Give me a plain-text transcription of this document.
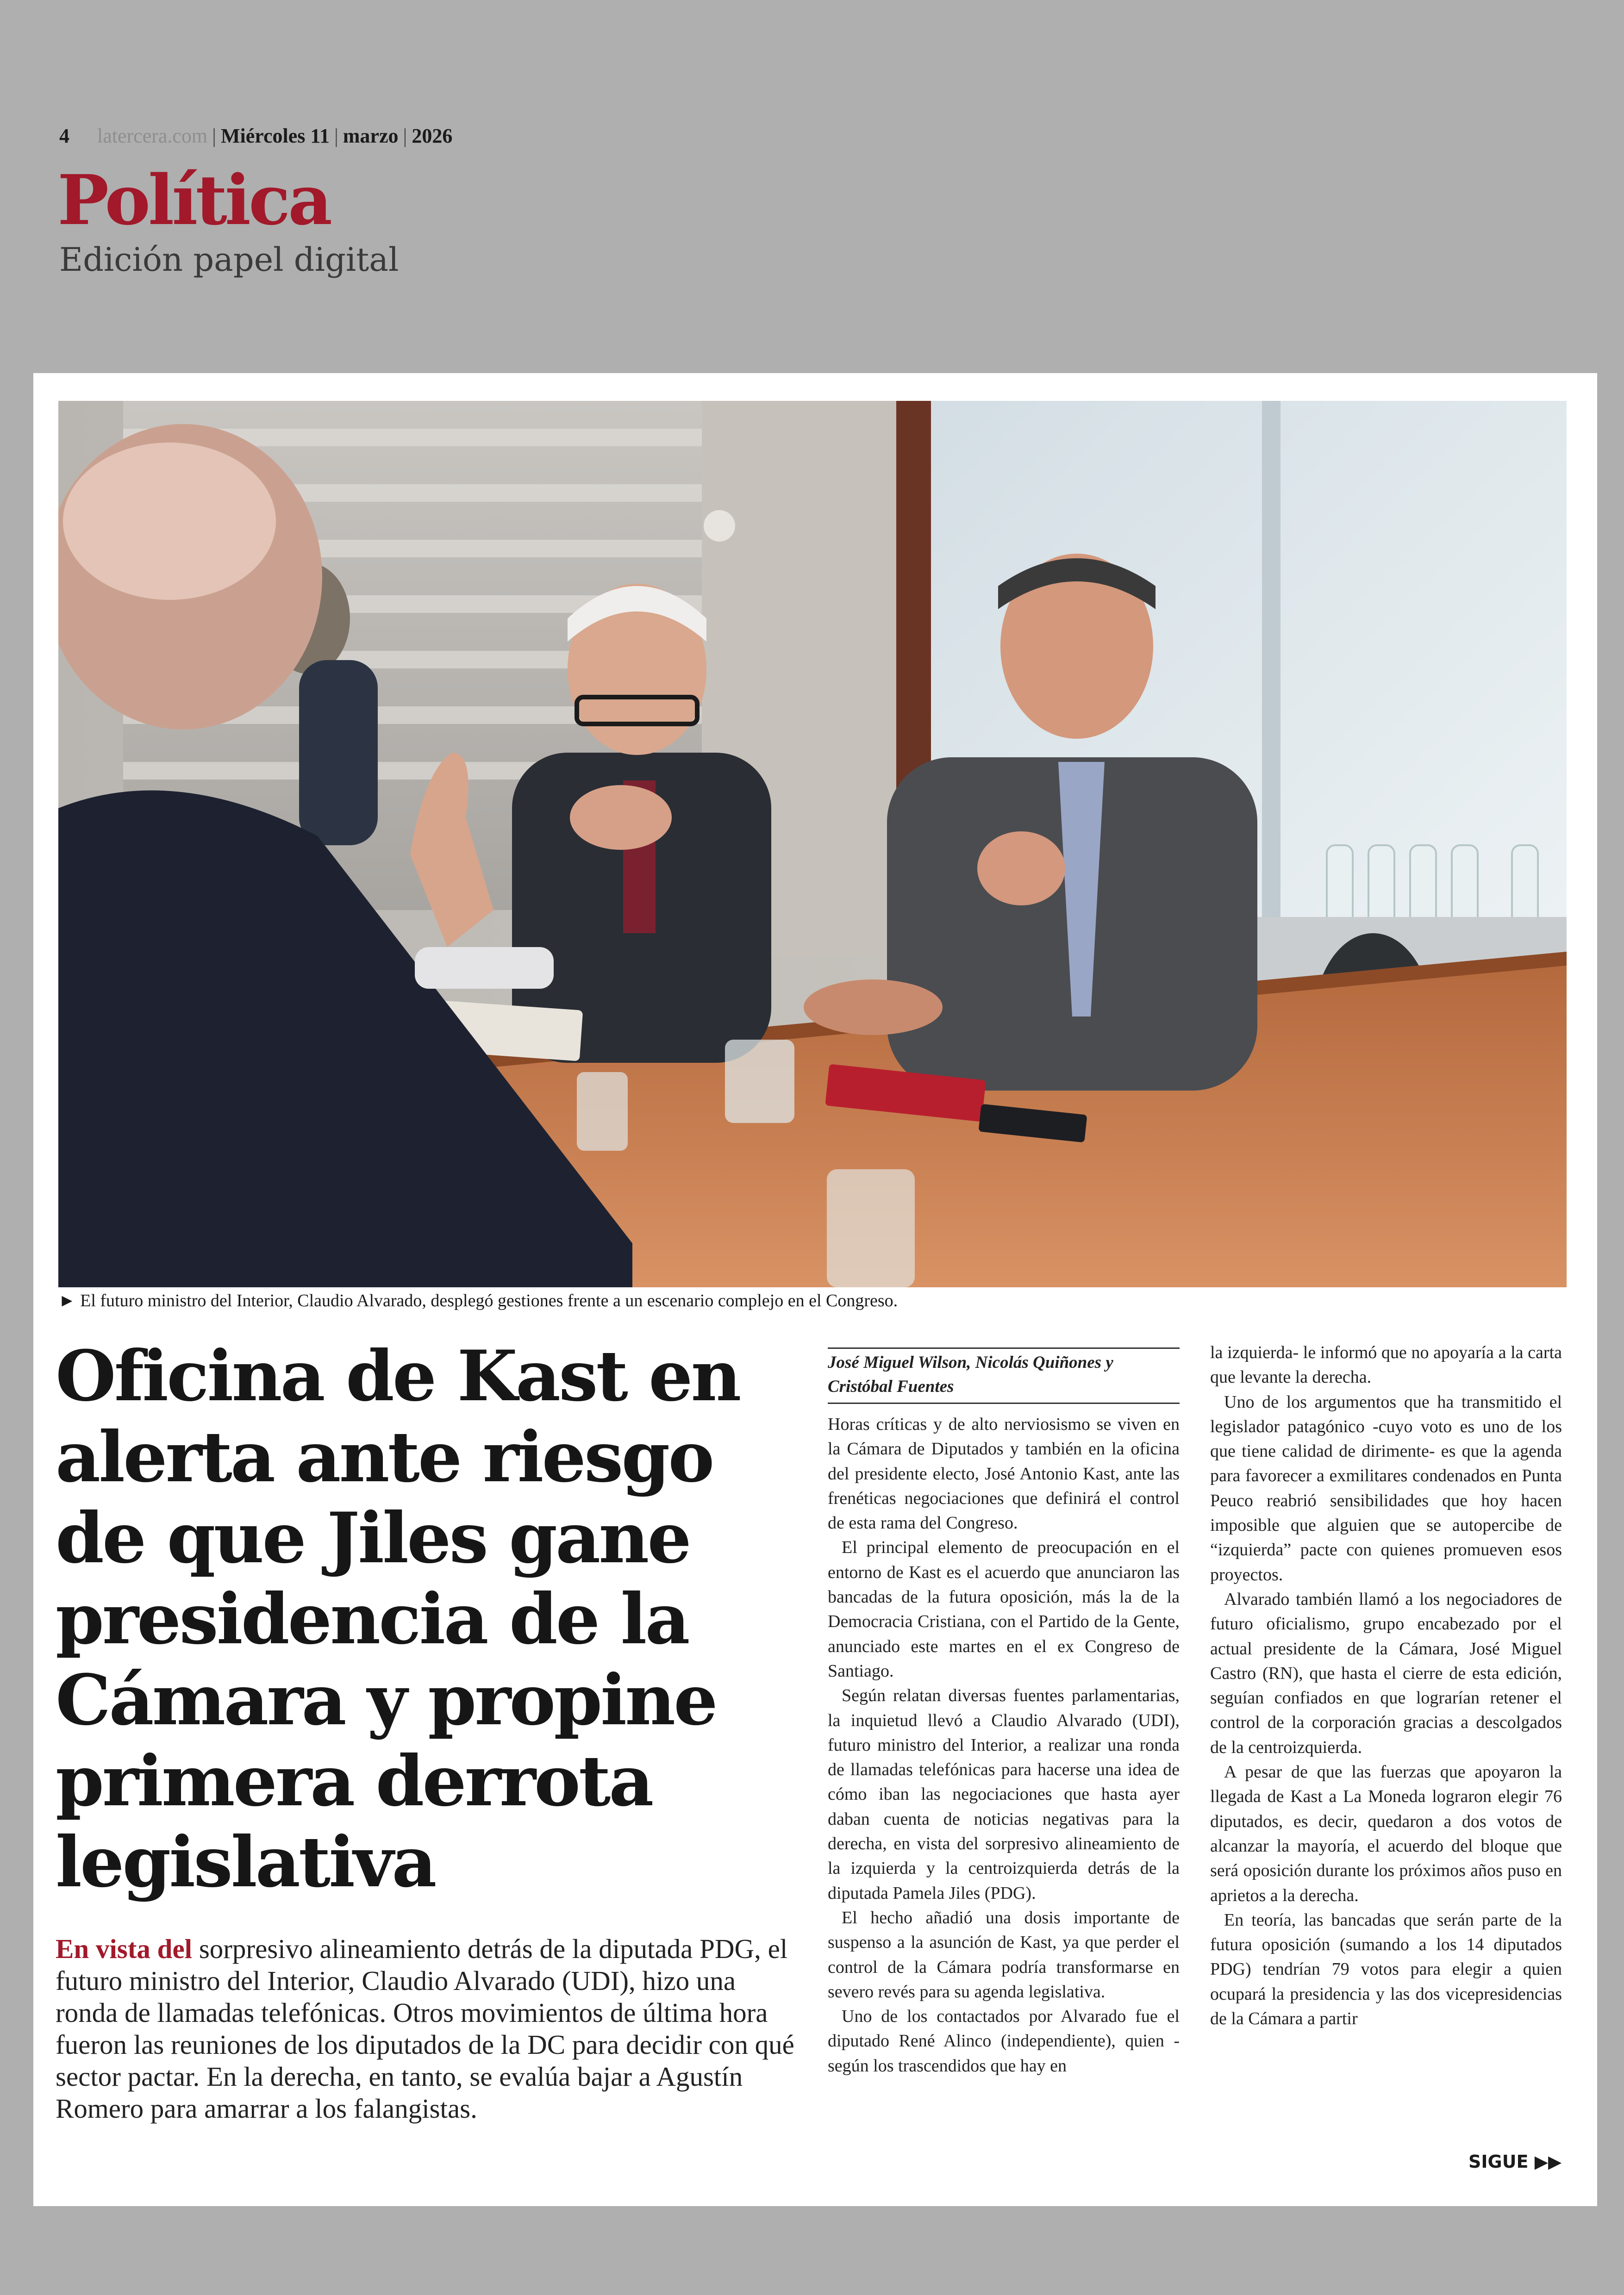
4 latercera.com | Miércoles 11 | marzo | 2026
Política
Edición papel digital
► El futuro ministro del Interior, Claudio Alvarado, desplegó gestiones frente a un escenario complejo en el Congreso.
Oficina de Kast en alerta ante riesgo de que Jiles gane presidencia de la Cámara y propine primera derrota legislativa

En vista del sorpresivo alineamiento detrás de la diputada PDG, el futuro ministro del Interior, Claudio Alvarado (UDI), hizo una ronda de llamadas telefónicas. Otros movimientos de última hora fueron las reuniones de los diputados de la DC para decidir con qué sector pactar. En la derecha, en tanto, se evalúa bajar a Agustín Romero para amarrar a los falangistas.

José Miguel Wilson, Nicolás Quiñones y Cristóbal Fuentes

Horas críticas y de alto nerviosismo se viven en la Cámara de Diputados y también en la oficina del presidente electo, José Antonio Kast, ante las frenéticas negociaciones que definirá el control de esta rama del Congreso.

El principal elemento de preocupación en el entorno de Kast es el acuerdo que anunciaron las bancadas de la futura oposición, más la de la Democracia Cristiana, con el Partido de la Gente, anunciado este martes en el ex Congreso de Santiago.

Según relatan diversas fuentes parlamentarias, la inquietud llevó a Claudio Alvarado (UDI), futuro ministro del Interior, a realizar una ronda de llamadas telefónicas para hacerse una idea de cómo iban las negociaciones que hasta ayer daban cuenta de noticias negativas para la derecha, en vista del sorpresivo alineamiento de la izquierda y la centroizquierda detrás de la diputada Pamela Jiles (PDG).

El hecho añadió una dosis importante de suspenso a la asunción de Kast, ya que perder el control de la Cámara podría transformarse en severo revés para su agenda legislativa.

Uno de los contactados por Alvarado fue el diputado René Alinco (independiente), quien -según los trascendidos que hay en

la izquierda- le informó que no apoyaría a la carta que levante la derecha.

Uno de los argumentos que ha transmitido el legislador patagónico -cuyo voto es uno de los que tiene calidad de dirimente- es que la agenda para favorecer a exmilitares condenados en Punta Peuco reabrió sensibilidades que hoy hacen imposible que alguien que se autopercibe de “izquierda” pacte con quienes promueven esos proyectos.

Alvarado también llamó a los negociadores de futuro oficialismo, grupo encabezado por el actual presidente de la Cámara, José Miguel Castro (RN), que hasta el cierre de esta edición, seguían confiados en que lograrían retener el control de la corporación gracias a descolgados de la centroizquierda.

A pesar de que las fuerzas que apoyaron la llegada de Kast a La Moneda lograron elegir 76 diputados, es decir, quedaron a dos votos de alcanzar la mayoría, el acuerdo del bloque que será oposición durante los próximos años puso en aprietos a la derecha.

En teoría, las bancadas que serán parte de la futura oposición (sumando a los 14 diputados PDG) tendrían 79 votos para elegir a quien ocupará la presidencia y las dos vicepresidencias de la Cámara a partir

SIGUE ▶▶
